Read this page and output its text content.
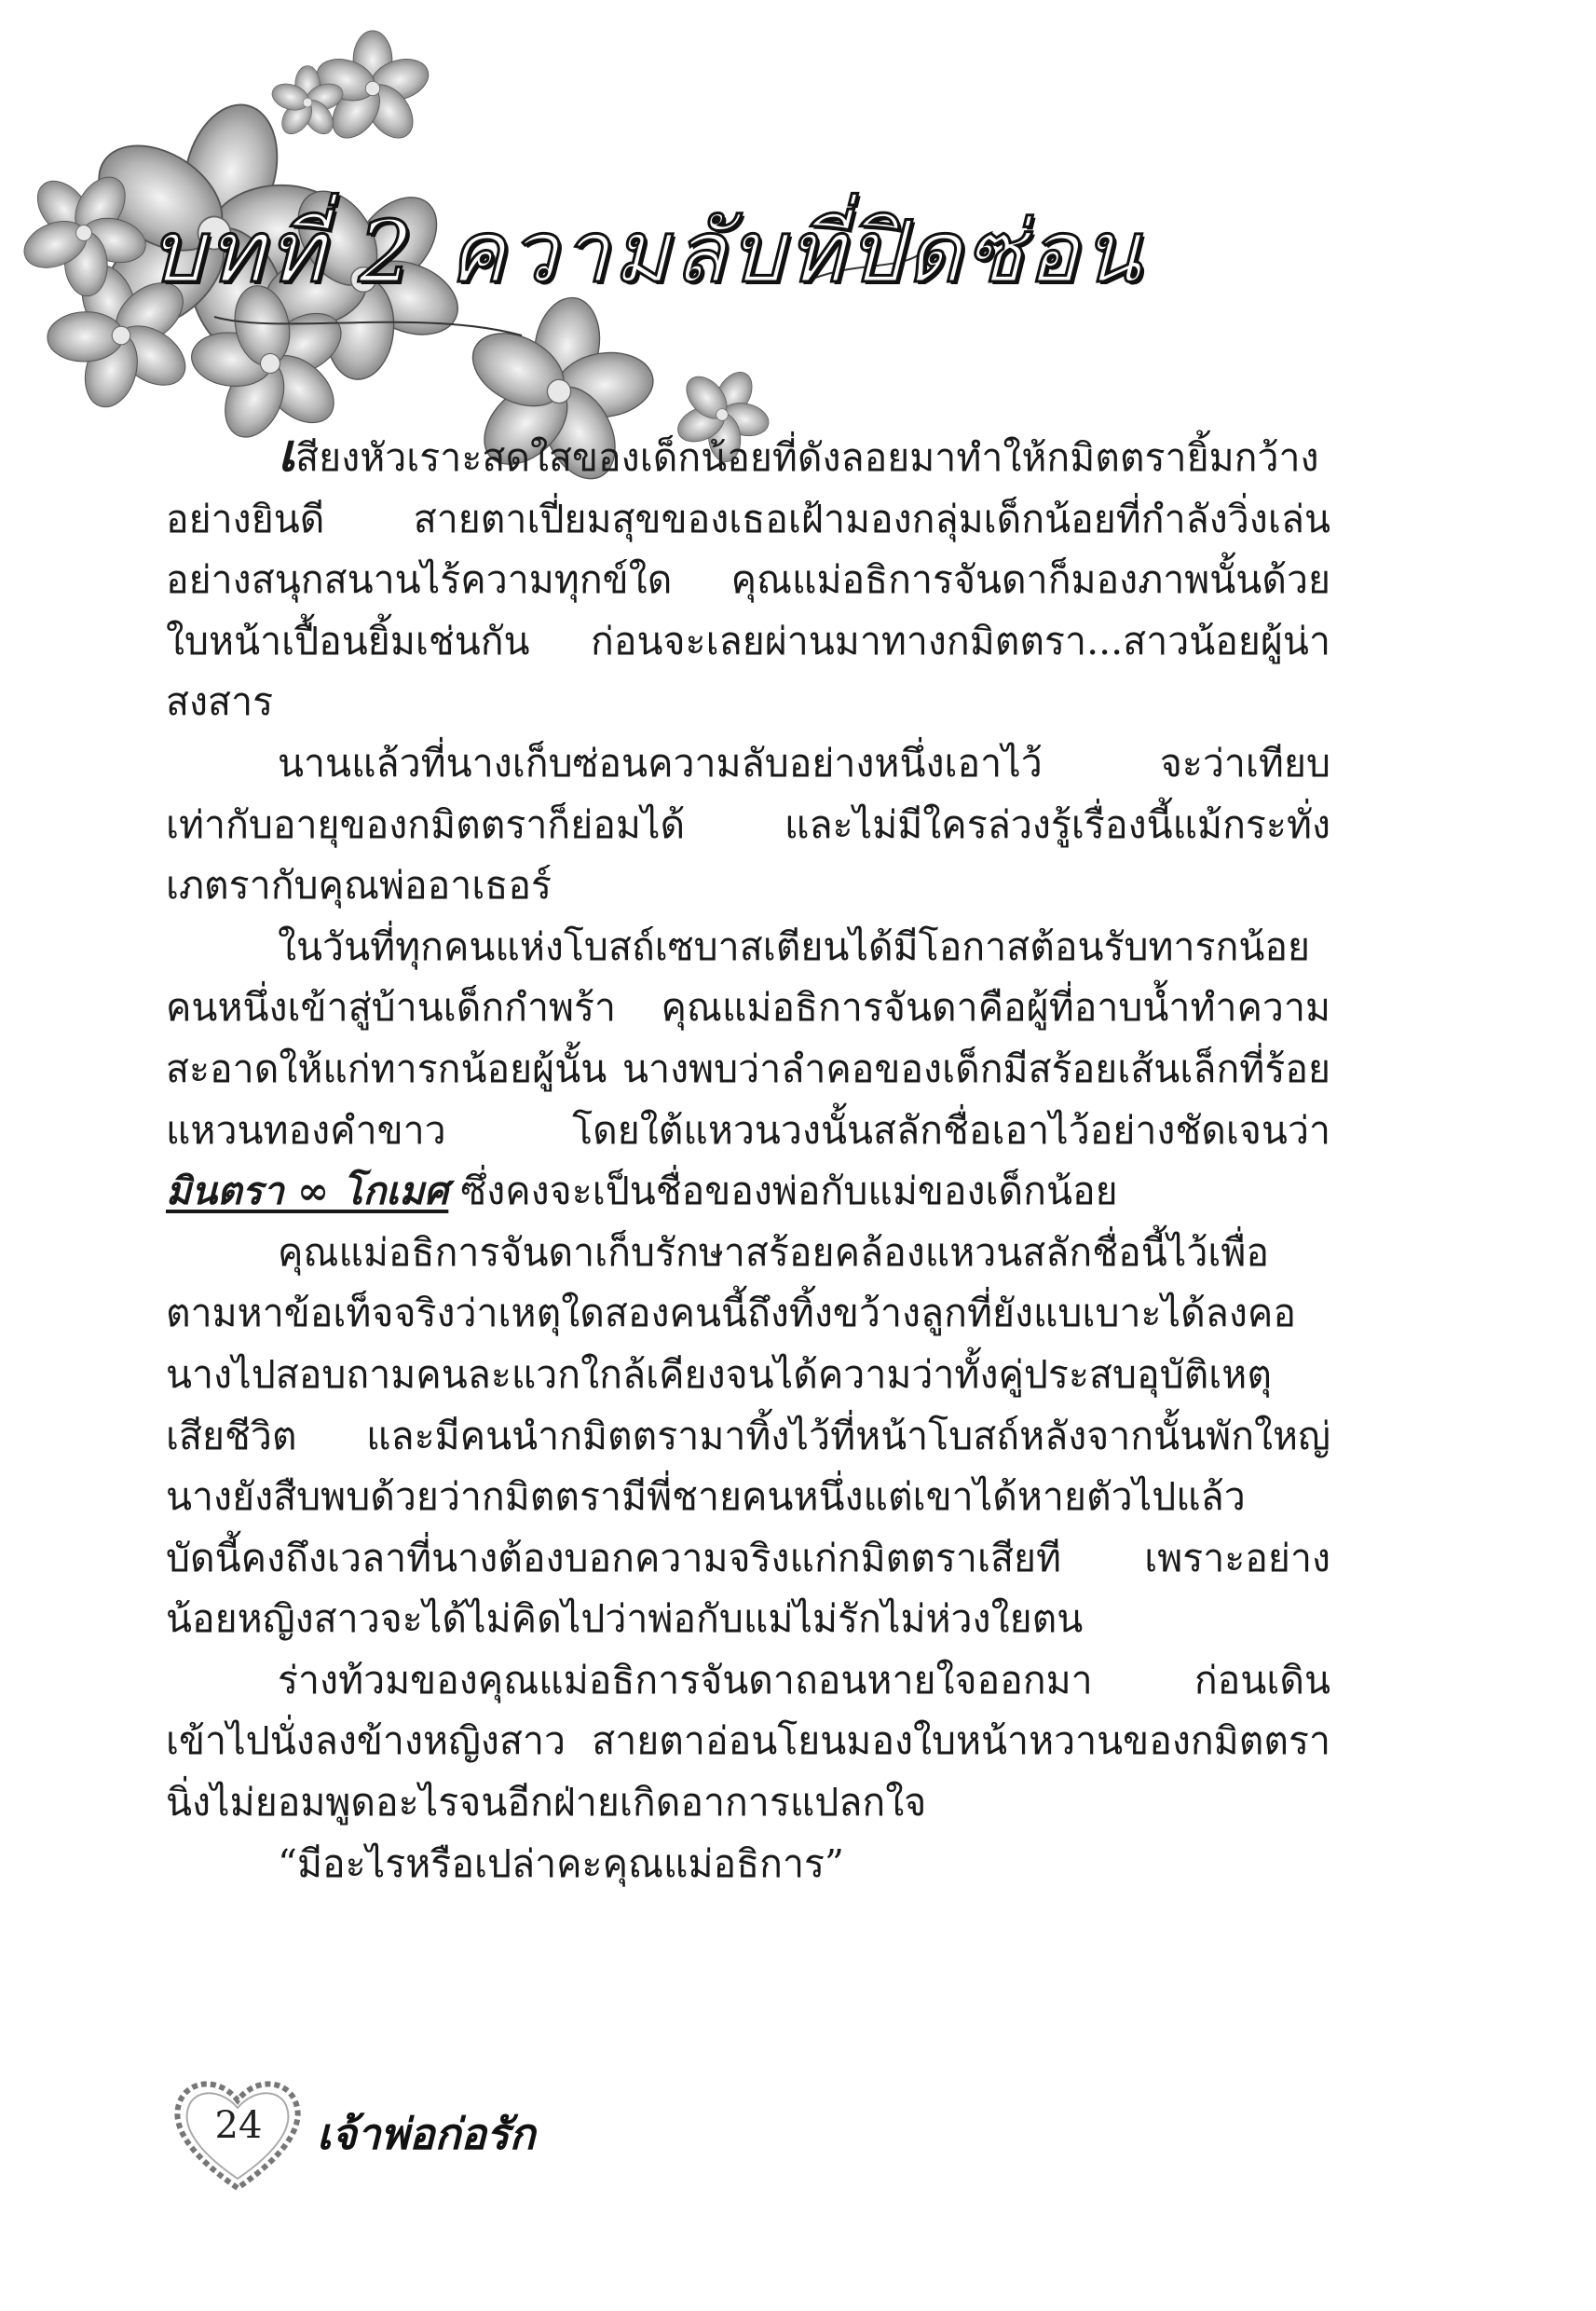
บทที่ 2 ความลับที่ปิดซ่อน

เสียงหัวเราะสดใสของเด็กน้อยที่ดังลอยมาทำให้กมิตตรายิ้มกว้างอย่างยินดี สายตาเปี่ยมสุขของเธอเฝ้ามองกลุ่มเด็กน้อยที่กำลังวิ่งเล่นอย่างสนุกสนานไร้ความทุกข์ใด คุณแม่อธิการจันดาก็มองภาพนั้นด้วยใบหน้าเปื้อนยิ้มเช่นกัน ก่อนจะเลยผ่านมาทางกมิตตรา...สาวน้อยผู้น่าสงสาร

นานแล้วที่นางเก็บซ่อนความลับอย่างหนึ่งเอาไว้ จะว่าเทียบเท่ากับอายุของกมิตตราก็ย่อมได้ และไม่มีใครล่วงรู้เรื่องนี้แม้กระทั่งเภตรากับคุณพ่ออาเธอร์

ในวันที่ทุกคนแห่งโบสถ์เซบาสเตียนได้มีโอกาสต้อนรับทารกน้อยคนหนึ่งเข้าสู่บ้านเด็กกำพร้า คุณแม่อธิการจันดาคือผู้ที่อาบน้ำทำความสะอาดให้แก่ทารกน้อยผู้นั้น นางพบว่าลำคอของเด็กมีสร้อยเส้นเล็กที่ร้อยแหวนทองคำขาว โดยใต้แหวนวงนั้นสลักชื่อเอาไว้อย่างชัดเจนว่ามินตรา ∞ โกเมศ ซึ่งคงจะเป็นชื่อของพ่อกับแม่ของเด็กน้อย

คุณแม่อธิการจันดาเก็บรักษาสร้อยคล้องแหวนสลักชื่อนี้ไว้เพื่อตามหาข้อเท็จจริงว่าเหตุใดสองคนนี้ถึงทิ้งขว้างลูกที่ยังแบเบาะได้ลงคอ นางไปสอบถามคนละแวกใกล้เคียงจนได้ความว่าทั้งคู่ประสบอุบัติเหตุเสียชีวิต และมีคนนำกมิตตรามาทิ้งไว้ที่หน้าโบสถ์หลังจากนั้นพักใหญ่นางยังสืบพบด้วยว่ากมิตตรามีพี่ชายคนหนึ่งแต่เขาได้หายตัวไปแล้ว บัดนี้คงถึงเวลาที่นางต้องบอกความจริงแก่กมิตตราเสียที เพราะอย่างน้อยหญิงสาวจะได้ไม่คิดไปว่าพ่อกับแม่ไม่รักไม่ห่วงใยตน

ร่างท้วมของคุณแม่อธิการจันดาถอนหายใจออกมา ก่อนเดินเข้าไปนั่งลงข้างหญิงสาว สายตาอ่อนโยนมองใบหน้าหวานของกมิตตรานิ่งไม่ยอมพูดอะไรจนอีกฝ่ายเกิดอาการแปลกใจ

“มีอะไรหรือเปล่าคะคุณแม่อธิการ”

24	เจ้าพ่อก่อรัก
